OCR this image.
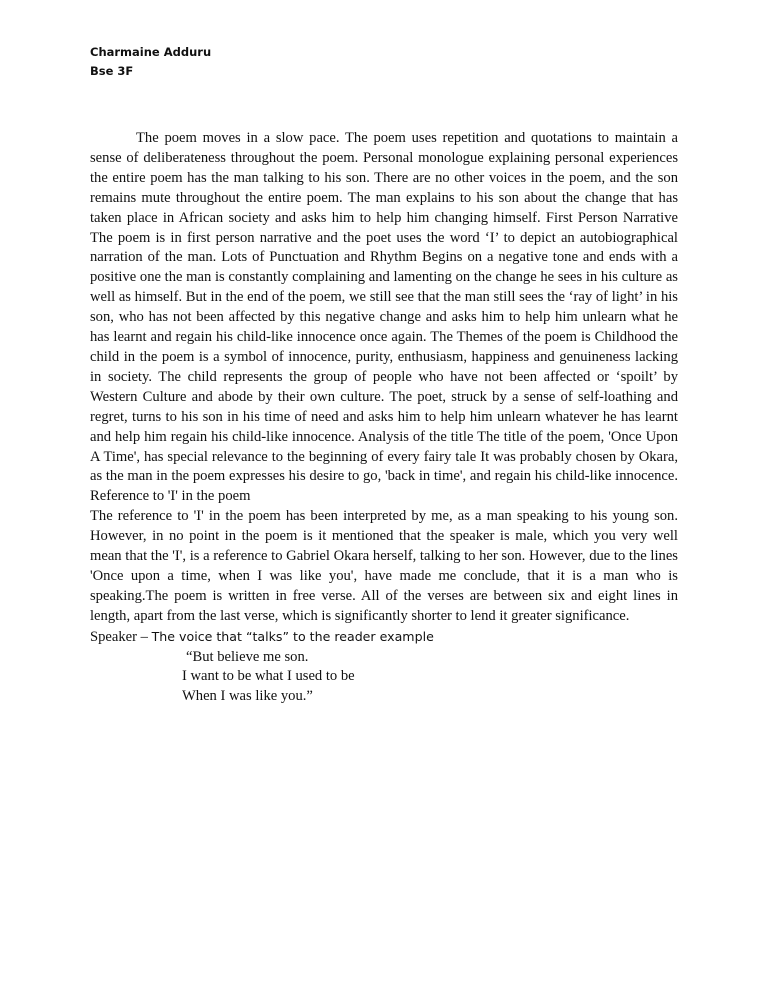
Charmaine Adduru
Bse 3F

The poem moves in a slow pace. The poem uses repetition and quotations to maintain a sense of deliberateness throughout the poem. Personal monologue explaining personal experiences the entire poem has the man talking to his son. There are no other voices in the poem, and the son remains mute throughout the entire poem. The man explains to his son about the change that has taken place in African society and asks him to help him changing himself. First Person Narrative The poem is in first person narrative and the poet uses the word ‘I’ to depict an autobiographical narration of the man. Lots of Punctuation and Rhythm Begins on a negative tone and ends with a positive one the man is constantly complaining and lamenting on the change he sees in his culture as well as himself. But in the end of the poem, we still see that the man still sees the ‘ray of light’ in his son, who has not been affected by this negative change and asks him to help him unlearn what he has learnt and regain his child-like innocence once again. The Themes of the poem is Childhood the child in the poem is a symbol of innocence, purity, enthusiasm, happiness and genuineness lacking in society. The child represents the group of people who have not been affected or ‘spoilt’ by Western Culture and abode by their own culture. The poet, struck by a sense of self-loathing and regret, turns to his son in his time of need and asks him to help him unlearn whatever he has learnt and help him regain his child-like innocence. Analysis of the title The title of the poem, 'Once Upon A Time', has special relevance to the beginning of every fairy tale It was probably chosen by Okara, as the man in the poem expresses his desire to go, 'back in time', and regain his child-like innocence. Reference to 'I' in the poem

The reference to 'I' in the poem has been interpreted by me, as a man speaking to his young son. However, in no point in the poem is it mentioned that the speaker is male, which you very well mean that the 'I', is a reference to Gabriel Okara herself, talking to her son. However, due to the lines 'Once upon a time, when I was like you', have made me conclude, that it is a man who is speaking.The poem is written in free verse. All of the verses are between six and eight lines in length, apart from the last verse, which is significantly shorter to lend it greater significance.

Speaker – The voice that “talks” to the reader example

“But believe me son.
I want to be what I used to be
When I was like you.”
